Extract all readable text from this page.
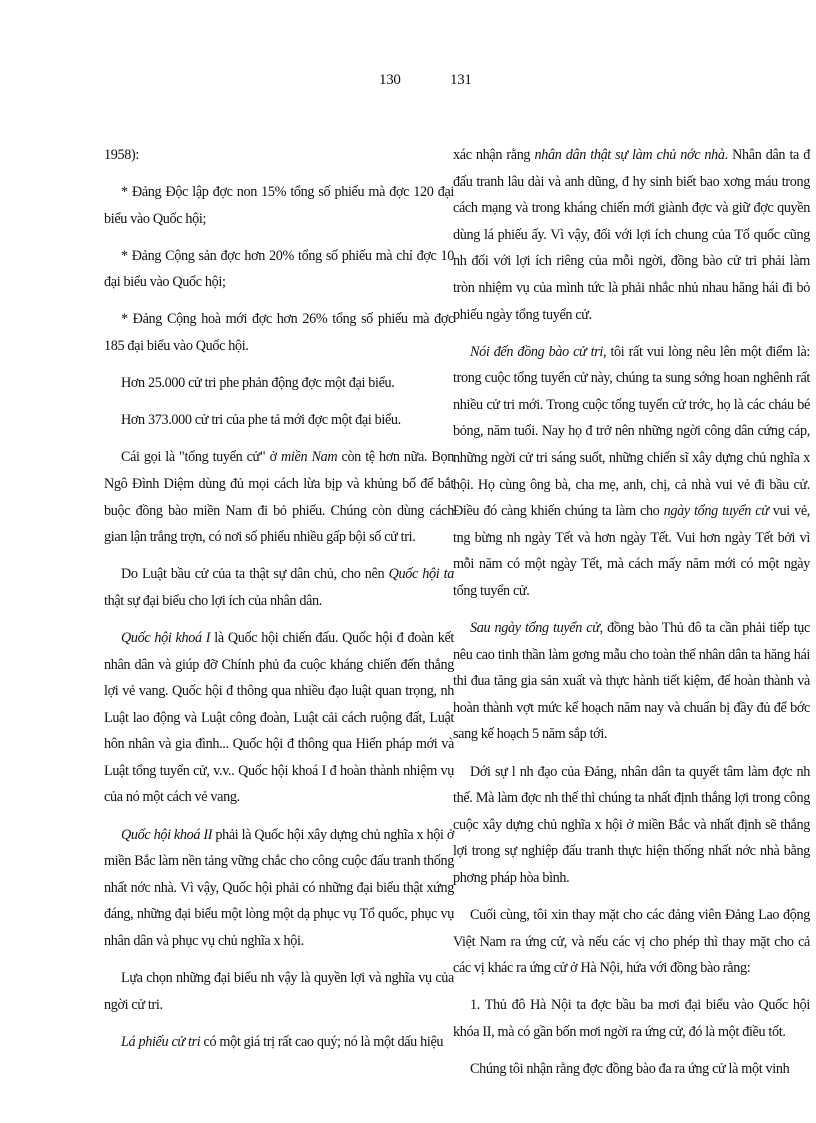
130	131

1958):

* Đảng Độc lập đợc non 15% tổng số phiếu mà đợc 120 đại biểu vào Quốc hội;

* Đảng Cộng sản đợc hơn 20% tổng số phiếu mà chỉ đợc 10 đại biểu vào Quốc hội;

* Đảng Cộng hoà mới đợc hơn 26% tổng số phiếu mà đợc 185 đại biểu vào Quốc hội.

Hơn 25.000 cử tri phe phản động đợc một đại biểu.

Hơn 373.000 cử tri của phe tả mới đợc một đại biểu.

Cái gọi là "tổng tuyển cử" ở miền Nam còn tệ hơn nữa. Bọn Ngô Đình Diệm dùng đủ mọi cách lừa bịp và khủng bố để bắt buộc đồng bào miền Nam đi bỏ phiếu. Chúng còn dùng cách gian lận trắng trợn, có nơi số phiếu nhiều gấp bội số cử tri.

Do Luật bầu cử của ta thật sự dân chủ, cho nên Quốc hội ta thật sự đại biểu cho lợi ích của nhân dân.

Quốc hội khoá I là Quốc hội chiến đấu. Quốc hội đ đoàn kết nhân dân và giúp đỡ Chính phủ đa cuộc kháng chiến đến thắng lợi vẻ vang. Quốc hội đ thông qua nhiều đạo luật quan trọng, nh Luật lao động và Luật công đoàn, Luật cải cách ruộng đất, Luật hôn nhân và gia đình... Quốc hội đ thông qua Hiến pháp mới và Luật tổng tuyển cử, v.v.. Quốc hội khoá I đ hoàn thành nhiệm vụ của nó một cách vẻ vang.

Quốc hội khoá II phải là Quốc hội xây dựng chủ nghĩa x hội ở miền Bắc làm nền tảng vững chắc cho công cuộc đấu tranh thống nhất nớc nhà. Vì vậy, Quốc hội phải có những đại biểu thật xứng đáng, những đại biểu một lòng một dạ phục vụ Tổ quốc, phục vụ nhân dân và phục vụ chủ nghĩa x hội.

Lựa chọn những đại biểu nh vậy là quyền lợi và nghĩa vụ của ngời cử tri.

Lá phiếu cử tri có một giá trị rất cao quý; nó là một dấu hiệu

xác nhận rằng nhân dân thật sự làm chủ nớc nhà. Nhân dân ta đ đấu tranh lâu dài và anh dũng, đ hy sinh biết bao xơng máu trong cách mạng và trong kháng chiến mới giành đợc và giữ đợc quyền dùng lá phiếu ấy. Vì vậy, đối với lợi ích chung của Tổ quốc cũng nh đối với lợi ích riêng của mỗi ngời, đồng bào cử tri phải làm tròn nhiệm vụ của mình tức là phải nhắc nhủ nhau hăng hái đi bỏ phiếu ngày tổng tuyển cử.

Nói đến đồng bào cử tri, tôi rất vui lòng nêu lên một điểm là: trong cuộc tổng tuyển cử này, chúng ta sung sớng hoan nghênh rất nhiều cử tri mới. Trong cuộc tổng tuyển cử trớc, họ là các cháu bé bỏng, năm tuổi. Nay họ đ trở nên những ngời công dân cứng cáp, những ngời cử tri sáng suốt, những chiến sĩ xây dựng chủ nghĩa x hội. Họ cùng ông bà, cha mẹ, anh, chị, cả nhà vui vẻ đi bầu cử. Điều đó càng khiến chúng ta làm cho ngày tổng tuyển cử vui vẻ, tng bừng nh ngày Tết và hơn ngày Tết. Vui hơn ngày Tết bởi vì mỗi năm có một ngày Tết, mà cách mấy năm mới có một ngày tổng tuyển cử.

Sau ngày tổng tuyển cử, đồng bào Thủ đô ta cần phải tiếp tục nêu cao tinh thần làm gơng mẫu cho toàn thể nhân dân ta hăng hái thi đua tăng gia sản xuất và thực hành tiết kiệm, để hoàn thành và hoàn thành vợt mức kế hoạch năm nay và chuẩn bị đầy đủ để bớc sang kế hoạch 5 năm sắp tới.

Dới sự l nh đạo của Đảng, nhân dân ta quyết tâm làm đợc nh thế. Mà làm đợc nh thế thì chúng ta nhất định thắng lợi trong công cuộc xây dựng chủ nghĩa x hội ở miền Bắc và nhất định sẽ thắng lợi trong sự nghiệp đấu tranh thực hiện thống nhất nớc nhà bằng phơng pháp hòa bình.

Cuối cùng, tôi xin thay mặt cho các đảng viên Đảng Lao động Việt Nam ra ứng cử, và nếu các vị cho phép thì thay mặt cho cả các vị khác ra ứng cử ở Hà Nội, hứa với đồng bào rằng:

1. Thủ đô Hà Nội ta đợc bầu ba mơi đại biểu vào Quốc hội khóa II, mà có gần bốn mơi ngời ra ứng cử, đó là một điều tốt.

Chúng tôi nhận rằng đợc đồng bào đa ra ứng cử là một vinh
